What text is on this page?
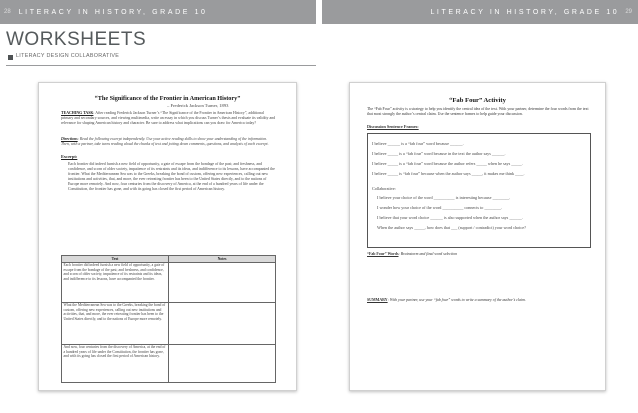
28	LITERACY IN HISTORY, GRADE 10	LITERACY IN HISTORY, GRADE 10	29
WORKSHEETS
LITERACY DESIGN COLLABORATIVE
“The Significance of the Frontier in American History”
– Frederick Jackson Turner, 1893
TEACHING TASK: After reading Frederick Jackson Turner’s “The Significance of the Frontier in American History”, additional primary and secondary sources, and viewing multimedia, write an essay in which you discuss Turner’s thesis and evaluate its validity and relevance for shaping American history and character. Be sure to address what implications can you draw for America today?
Directions: Read the following excerpt independently. Use your active reading skills to show your understanding of the information. Then, with a partner, take turns reading aloud the chunks of text and jotting down comments, questions, and analysis of each excerpt.
Excerpt:
Each frontier did indeed furnish a new field of opportunity, a gate of escape from the bondage of the past; and freshness, and confidence, and scorn of older society, impatience of its restraints and its ideas, and indifference to its lessons, have accompanied the frontier. What the Mediterranean Sea was to the Greeks, breaking the bond of custom, offering new experiences, calling out new institutions and activities, that, and more, the ever retreating frontier has been to the United States directly, and to the nations of Europe more remotely. And now, four centuries from the discovery of America, at the end of a hundred years of life under the Constitution, the frontier has gone, and with its going has closed the first period of American history.
Text	Notes
Each frontier did indeed furnish a new field of opportunity, a gate of escape from the bondage of the past; and freshness, and confidence, and scorn of older society, impatience of its restraints and its ideas, and indifference to its lessons, have accompanied the frontier.	
What the Mediterranean Sea was to the Greeks, breaking the bond of custom, offering new experiences, calling out new institutions and activities, that, and more, the ever retreating frontier has been to the United States directly, and to the nations of Europe more remotely.	
And now, four centuries from the discovery of America, at the end of a hundred years of life under the Constitution, the frontier has gone, and with its going has closed the first period of American history.	
“Fab Four” Activity
The “Fab Four” activity is a strategy to help you identify the central idea of the text. With your partner, determine the four words from the text that most strongly the author’s central claim. Use the sentence frames to help guide your discussion.
Discussion Sentence Frames:
I believe ______ is a “fab four” word because ______.
I believe _____ is a “fab four” word because in the text the author says ______.
I believe _____ is a “fab four” word because the author refers _____ when he says _____.
I believe _____ is “fab four” because when the author says _____, it makes me think ____.
Collaborative:
I believe your choice of the word __________ is interesting because ________.
I wonder how your choice of the word __________ connects to ________.
I believe that your word choice ______ is also supported when the author says ______.
When the author says _____, how does that ___ (support / contradict) your word choice?
“Fab Four” Words: Brainstorm and final word selection
SUMMARY: With your partner, use your “fab four” words to write a summary of the author’s claim.
